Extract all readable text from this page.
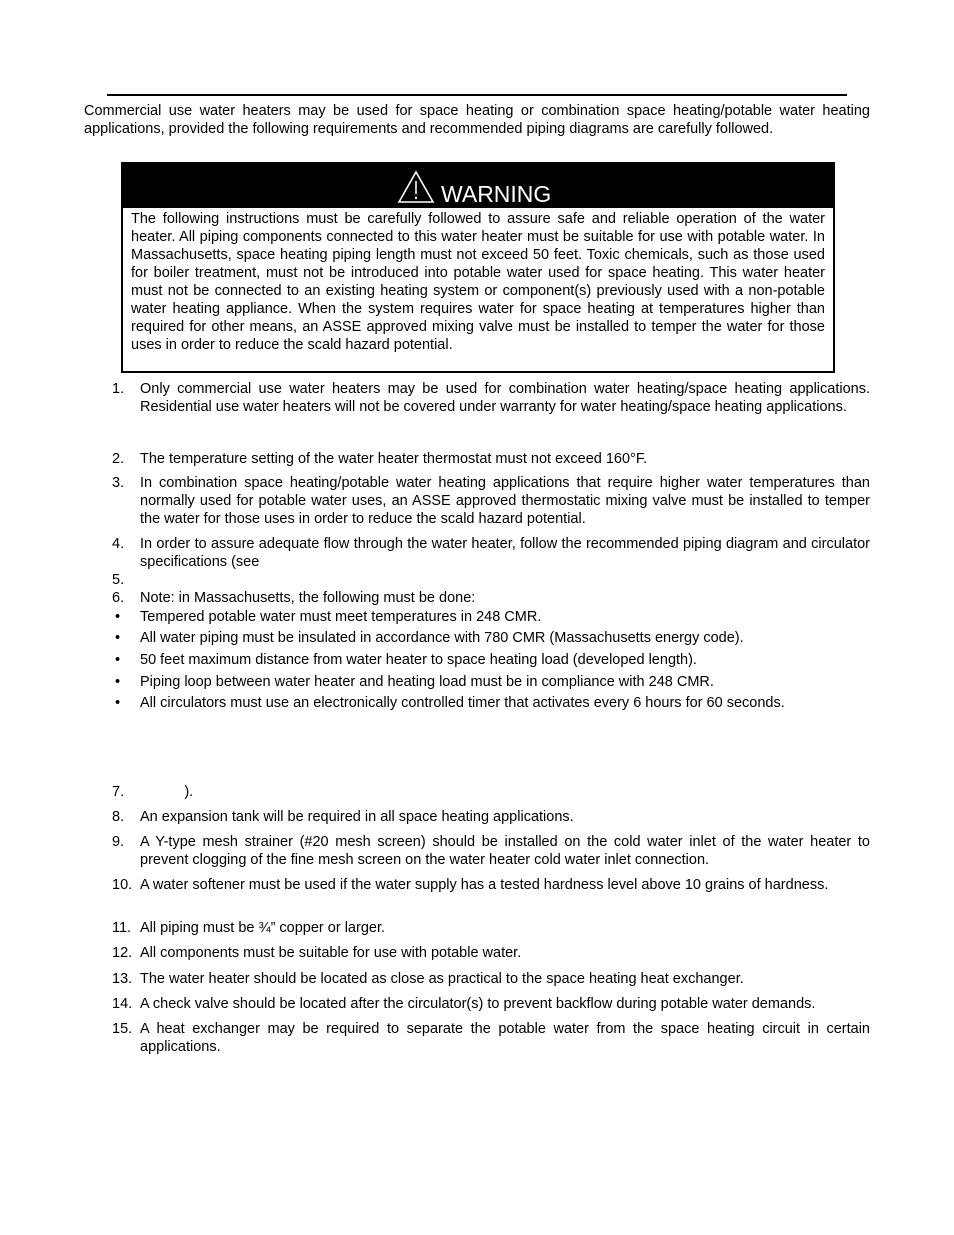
Commercial use water heaters may be used for space heating or combination space heating/potable water heating applications, provided the following requirements and recommended piping diagrams are carefully followed.

WARNING

The following instructions must be carefully followed to assure safe and reliable operation of the water heater. All piping components connected to this water heater must be suitable for use with potable water. In Massachusetts, space heating piping length must not exceed 50 feet. Toxic chemicals, such as those used for boiler treatment, must not be introduced into potable water used for space heating. This water heater must not be connected to an existing heating system or component(s) previously used with a non-potable water heating appliance. When the system requires water for space heating at temperatures higher than required for other means, an ASSE approved mixing valve must be installed to temper the water for those uses in order to reduce the scald hazard potential.

1.	Only commercial use water heaters may be used for combination water heating/space heating applications. Residential use water heaters will not be covered under warranty for water heating/space heating applications.
2.	The temperature setting of the water heater thermostat must not exceed 160°F.
3.	In combination space heating/potable water heating applications that require higher water temperatures than normally used for potable water uses, an ASSE approved thermostatic mixing valve must be installed to temper the water for those uses in order to reduce the scald hazard potential.
4.	In order to assure adequate flow through the water heater, follow the recommended piping diagram and circulator specifications (see
5.
6.	Note: in Massachusetts, the following must be done:
• Tempered potable water must meet temperatures in 248 CMR.
• All water piping must be insulated in accordance with 780 CMR (Massachusetts energy code).
• 50 feet maximum distance from water heater to space heating load (developed length).
• Piping loop between water heater and heating load must be in compliance with 248 CMR.
• All circulators must use an electronically controlled timer that activates every 6 hours for 60 seconds.
7.	).
8.	An expansion tank will be required in all space heating applications.
9.	A Y-type mesh strainer (#20 mesh screen) should be installed on the cold water inlet of the water heater to prevent clogging of the fine mesh screen on the water heater cold water inlet connection.
10. A water softener must be used if the water supply has a tested hardness level above 10 grains of hardness.
11. All piping must be ¾” copper or larger.
12. All components must be suitable for use with potable water.
13. The water heater should be located as close as practical to the space heating heat exchanger.
14. A check valve should be located after the circulator(s) to prevent backflow during potable water demands.
15. A heat exchanger may be required to separate the potable water from the space heating circuit in certain applications.
